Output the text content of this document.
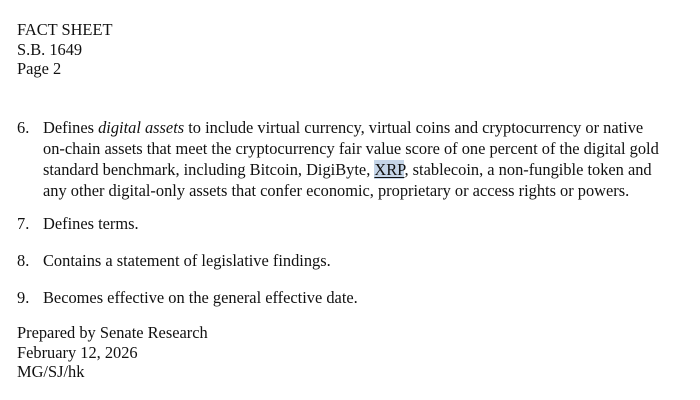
FACT SHEET
S.B. 1649
Page 2
6. Defines digital assets to include virtual currency, virtual coins and cryptocurrency or native
on-chain assets that meet the cryptocurrency fair value score of one percent of the digital gold
standard benchmark, including Bitcoin, DigiByte, XRP, stablecoin, a non-fungible token and
any other digital-only assets that confer economic, proprietary or access rights or powers.
7. Defines terms.
8. Contains a statement of legislative findings.
9. Becomes effective on the general effective date.
Prepared by Senate Research
February 12, 2026
MG/SJ/hk
